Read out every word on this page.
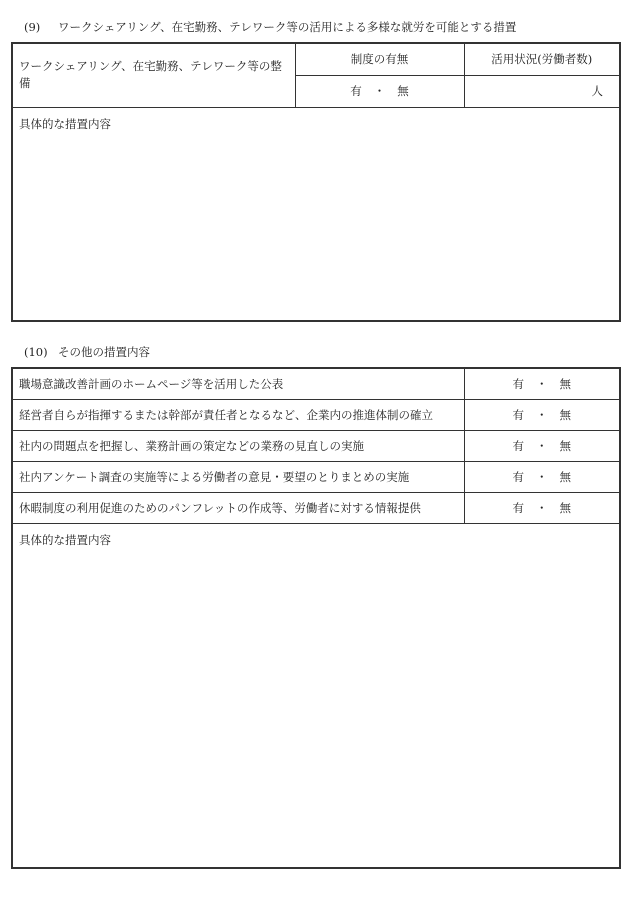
(9) ワークシェアリング、在宅勤務、テレワーク等の活用による多様な就労を可能とする措置
ワークシェアリング、在宅勤務、テレワーク等の整備	制度の有無	活用状況(労働者数)
	有 ・ 無	人
具体的な措置内容		
(10) その他の措置内容
職場意識改善計画のホームページ等を活用した公表	有 ・ 無
経営者自らが指揮するまたは幹部が責任者となるなど、企業内の推進体制の確立	有 ・ 無
社内の問題点を把握し、業務計画の策定などの業務の見直しの実施	有 ・ 無
社内アンケート調査の実施等による労働者の意見・要望のとりまとめの実施	有 ・ 無
休暇制度の利用促進のためのパンフレットの作成等、労働者に対する情報提供	有 ・ 無
具体的な措置内容	
